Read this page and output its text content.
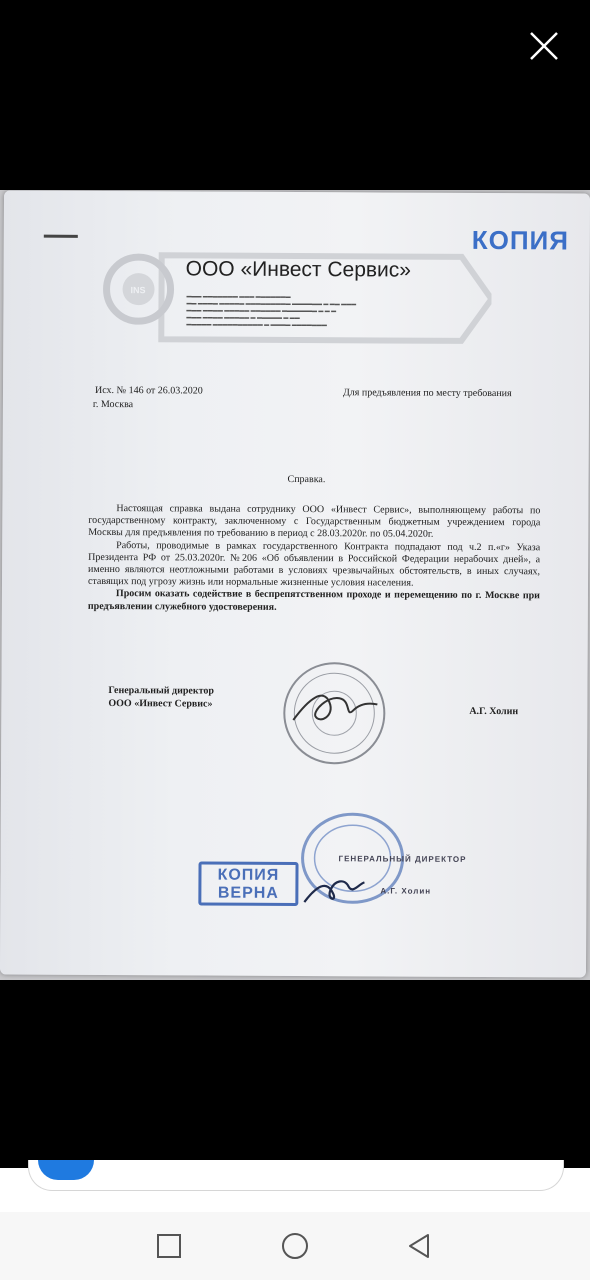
КОПИЯ
INS
ООО «Инвест Сервис»
▬▬▬ ▬▬▬▬▬▬▬ ▬▬▬ ▬▬▬▬▬▬▬
▬▬ ▬▬▬▬ ▬▬▬▬▬ ▬▬▬▬▬▬▬▬▬ ▬▬▬▬▬▬ ▬ ▬▬ ▬▬▬
▬▬▬ ▬▬▬▬ ▬▬▬▬▬ ▬▬▬▬▬▬ ▬▬▬▬▬▬▬ ▬ ▬ ▬
▬▬▬ ▬▬▬▬ ▬▬▬▬▬ ▬ ▬▬▬▬▬ ▬ ▬▬
▬▬▬▬▬ ▬▬▬▬▬▬▬▬▬▬ ▬ ▬▬▬▬ ▬▬▬▬▬▬▬
Исх. № 146 от 26.03.2020
г. Москва
Для предъявления по месту требования
Справка.

Настоящая справка выдана сотруднику ООО «Инвест Сервис», выполняющему работы по государственному контракту, заключенному с Государственным бюджетным учреждением города Москвы для предъявления по требованию в период с 28.03.2020г. по 05.04.2020г.

Работы, проводимые в рамках государственного Контракта подпадают под ч.2 п.«г» Указа Президента РФ от 25.03.2020г. №206 «Об объявлении в Российской Федерации нерабочих дней», а именно являются неотложными работами в условиях чрезвычайных обстоятельств, в иных случаях, ставящих под угрозу жизнь или нормальные жизненные условия населения.

Просим оказать содействие в беспрепятственном проходе и перемещению по г. Москве при предъявлении служебного удостоверения.

Генеральный директор
ООО «Инвест Сервис»
А.Г. Холин
ГЕНЕРАЛЬНЫЙ ДИРЕКТОР
А.Г. Холин
КОПИЯ
ВЕРНА
